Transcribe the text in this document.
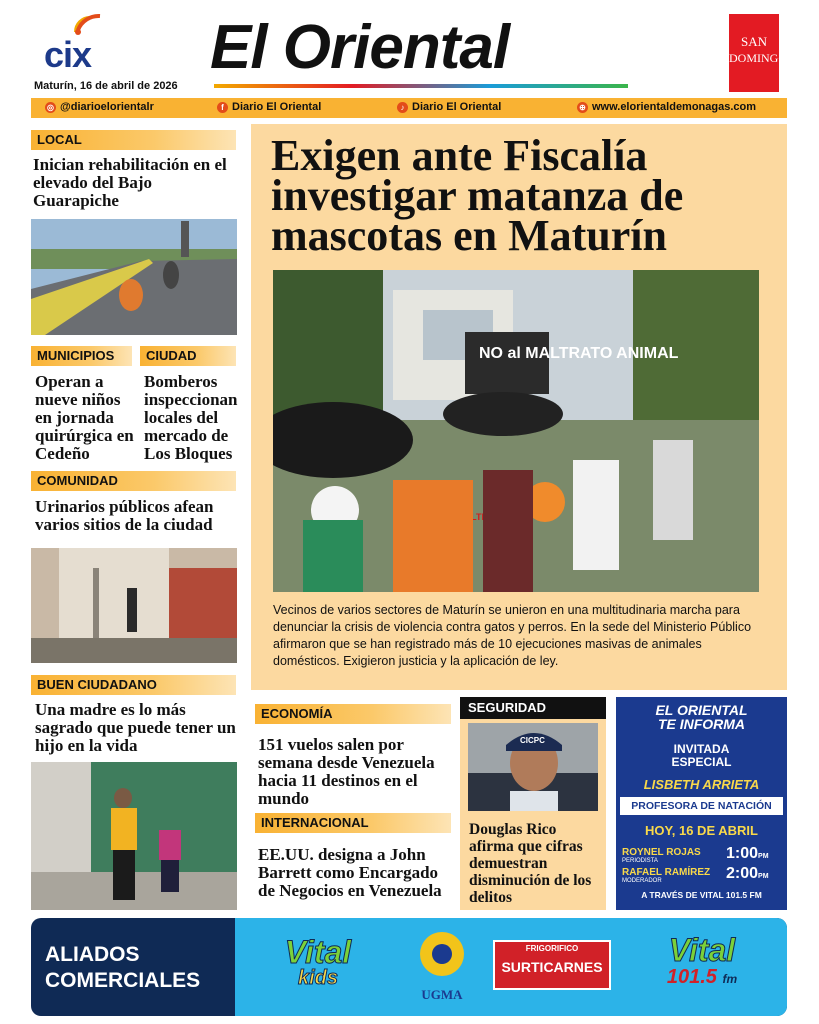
cix
Maturín, 16 de abril de 2026
El Oriental	SAN
DOMINGO
◎ @diarioelorientalr	f Diario El Oriental	♪ Diario El Oriental	⊕ www.elorientaldemonagas.com
LOCAL
Inician rehabilitación en el elevado del Bajo Guarapiche
MUNICIPIOS
Operan a nueve niños en jornada quirúrgica en Cedeño
CIUDAD
Bomberos inspeccionan locales del mercado de Los Bloques
COMUNIDAD
Urinarios públicos afean varios sitios de la ciudad
BUEN CIUDADANO
Una madre es lo más sagrado que puede tener un hijo en la vida
Exigen ante Fiscalía investigar matanza de mascotas en Maturín
NO al MALTRATO ANIMAL
MALTRATO
Vecinos de varios sectores de Maturín se unieron en una multitudinaria marcha para denunciar la crisis de violencia contra gatos y perros. En la sede del Ministerio Público afirmaron que se han registrado más de 10 ejecuciones masivas de animales domésticos. Exigieron justicia y la aplicación de ley.
ECONOMÍA
151 vuelos salen por semana desde Venezuela hacia 11 destinos en el mundo
INTERNACIONAL
EE.UU. designa a John Barrett como Encargado de Negocios en Venezuela
SEGURIDAD
CICPC
Douglas Rico afirma que cifras demuestran disminución de los delitos
EL ORIENTAL
TE INFORMA
INVITADA
ESPECIAL
LISBETH ARRIETA
PROFESORA DE NATACIÓN
HOY, 16 DE ABRIL
ROYNEL ROJAS
PERIODISTA	1:00PM
RAFAEL RAMÍREZ
MODERADOR	2:00PM
A TRAVÉS DE VITAL 101.5 FM
ALIADOS
COMERCIALES
Vital
kids
UGMA
FRIGORIFICO
SURTICARNES	Vital
101.5 fm
